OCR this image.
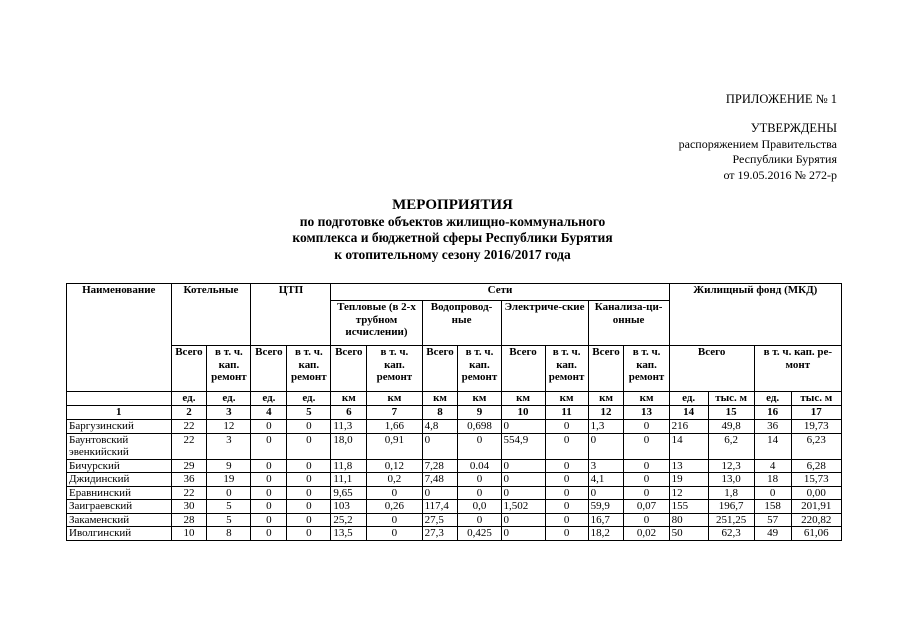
ПРИЛОЖЕНИЕ № 1
УТВЕРЖДЕНЫ
распоряжением Правительства
Республики Бурятия
от 19.05.2016 № 272-р
МЕРОПРИЯТИЯ
по подготовке объектов жилищно-коммунального
комплекса и бюджетной сферы Республики Бурятия
к отопительному сезону 2016/2017 года
Наименование	Котельные		ЦТП		Сети								Жилищный фонд (МКД)			
					Тепловые (в 2-х трубном исчислении)		Водопровод-ные		Электриче-ские		Канализа-ци-онные					
	Всего	в т. ч. кап. ремонт	Всего	в т. ч. кап. ремонт	Всего	в т. ч. кап. ремонт	Всего	в т. ч. кап. ремонт	Всего	в т. ч. кап. ремонт	Всего	в т. ч. кап. ремонт	Всего		в т. ч. кап. ре-монт	
	ед.	ед.	ед.	ед.	км	км	км	км	км	км	км	км	ед.	тыс. м	ед.	тыс. м
1	2	3	4	5	6	7	8	9	10	11	12	13	14	15	16	17
Баргузинский	22	12	0	0	11,3	1,66	4,8	0,698	0	0	1,3	0	216	49,8	36	19,73
Баунтовский эвенкийский	22	3	0	0	18,0	0,91	0	0	554,9	0	0	0	14	6,2	14	6,23
Бичурский	29	9	0	0	11,8	0,12	7,28	0.04	0	0	3	0	13	12,3	4	6,28
Джидинский	36	19	0	0	11,1	0,2	7,48	0	0	0	4,1	0	19	13,0	18	15,73
Еравнинский	22	0	0	0	9,65	0	0	0	0	0	0	0	12	1,8	0	0,00
Заиграевский	30	5	0	0	103	0,26	117,4	0,0	1,502	0	59,9	0,07	155	196,7	158	201,91
Закаменский	28	5	0	0	25,2	0	27,5	0	0	0	16,7	0	80	251,25	57	220,82
Иволгинский	10	8	0	0	13,5	0	27,3	0,425	0	0	18,2	0,02	50	62,3	49	61,06
